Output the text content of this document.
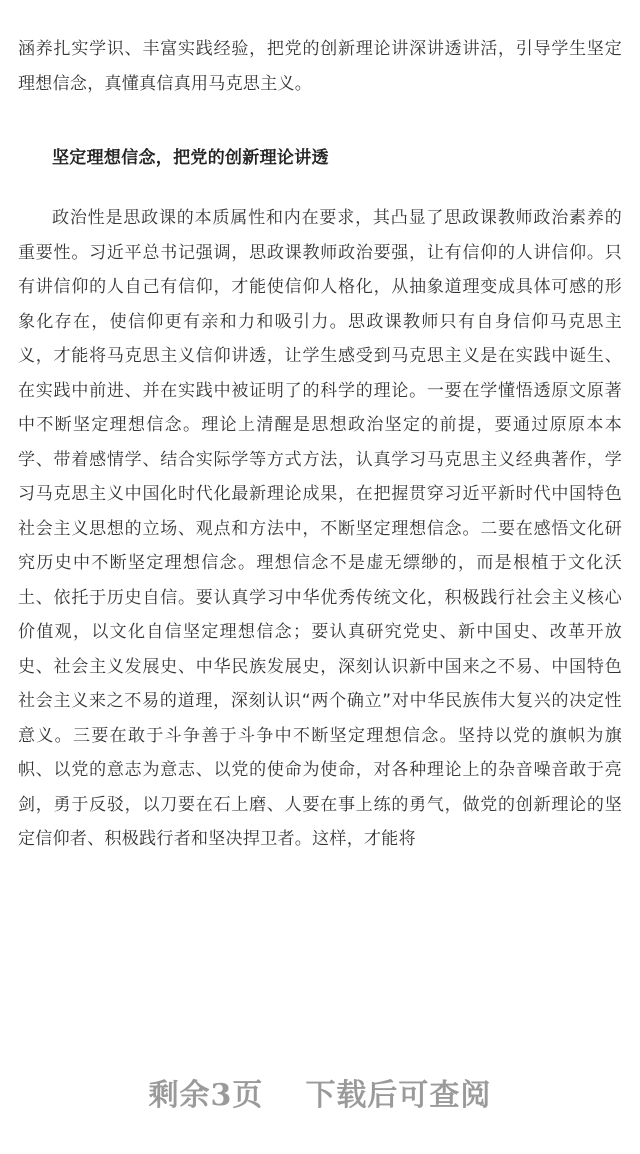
涵养扎实学识、丰富实践经验，把党的创新理论讲深讲透讲活，引导学生坚定理想信念，真懂真信真用马克思主义。

坚定理想信念，把党的创新理论讲透

政治性是思政课的本质属性和内在要求，其凸显了思政课教师政治素养的重要性。习近平总书记强调，思政课教师政治要强，让有信仰的人讲信仰。只有讲信仰的人自己有信仰，才能使信仰人格化，从抽象道理变成具体可感的形象化存在，使信仰更有亲和力和吸引力。思政课教师只有自身信仰马克思主义，才能将马克思主义信仰讲透，让学生感受到马克思主义是在实践中诞生、在实践中前进、并在实践中被证明了的科学的理论。一要在学懂悟透原文原著中不断坚定理想信念。理论上清醒是思想政治坚定的前提，要通过原原本本学、带着感情学、结合实际学等方式方法，认真学习马克思主义经典著作，学习马克思主义中国化时代化最新理论成果，在把握贯穿习近平新时代中国特色社会主义思想的立场、观点和方法中，不断坚定理想信念。二要在感悟文化研究历史中不断坚定理想信念。理想信念不是虚无缥缈的，而是根植于文化沃土、依托于历史自信。要认真学习中华优秀传统文化，积极践行社会主义核心价值观，以文化自信坚定理想信念；要认真研究党史、新中国史、改革开放史、社会主义发展史、中华民族发展史，深刻认识新中国来之不易、中国特色社会主义来之不易的道理，深刻认识“两个确立”对中华民族伟大复兴的决定性意义。三要在敢于斗争善于斗争中不断坚定理想信念。坚持以党的旗帜为旗帜、以党的意志为意志、以党的使命为使命，对各种理论上的杂音噪音敢于亮剑，勇于反驳，以刀要在石上磨、人要在事上练的勇气，做党的创新理论的坚定信仰者、积极践行者和坚决捍卫者。这样，才能将

剩余3页 下载后可查阅
